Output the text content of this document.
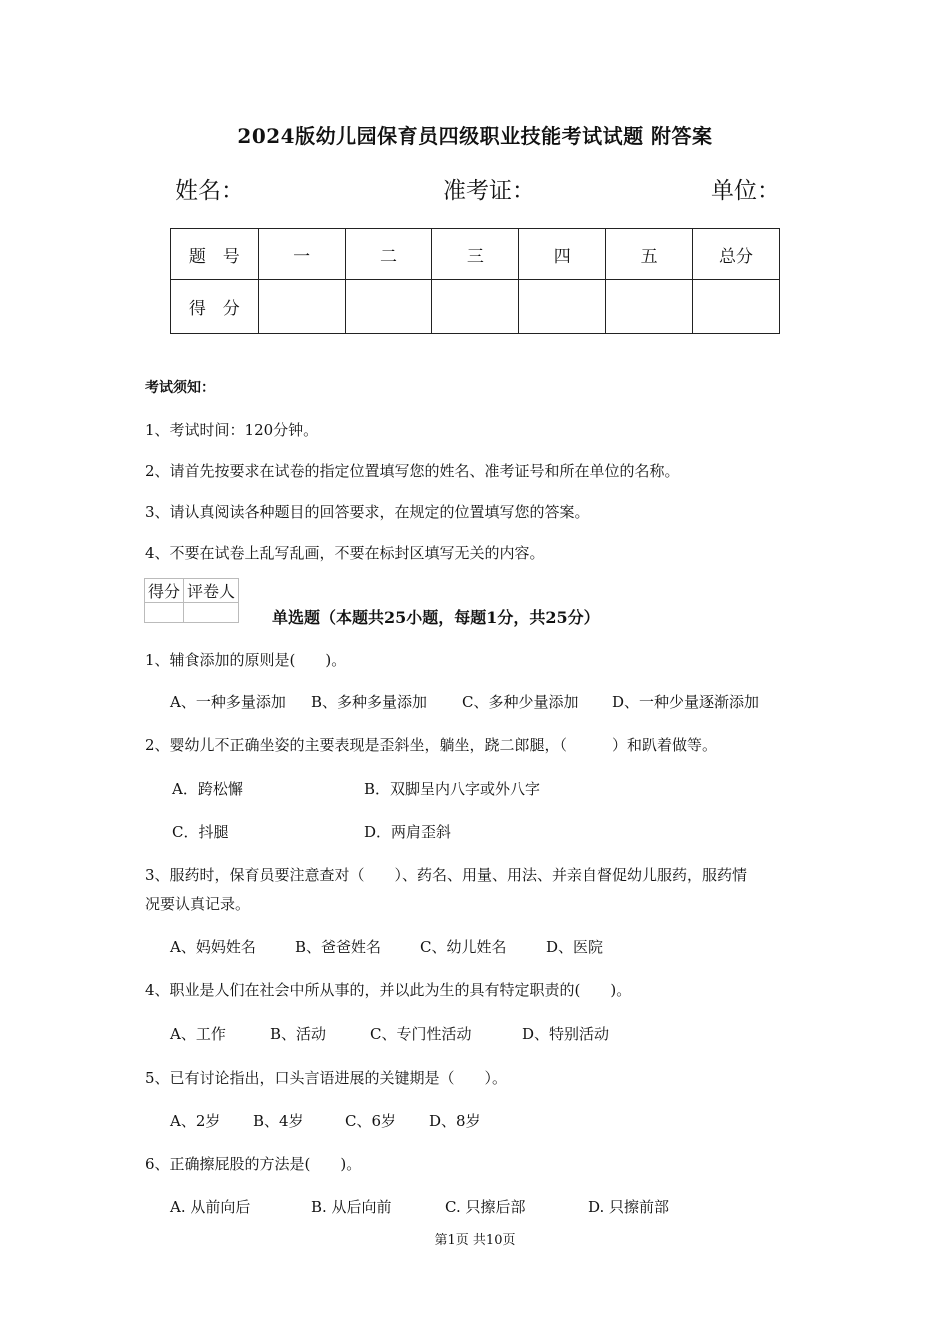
2024版幼儿园保育员四级职业技能考试试题 附答案
姓名：	准考证：	单位：
题　号	一	二	三	四	五	总分
得　分						
考试须知：
1、考试时间：120分钟。
2、请首先按要求在试卷的指定位置填写您的姓名、准考证号和所在单位的名称。
3、请认真阅读各种题目的回答要求，在规定的位置填写您的答案。
4、不要在试卷上乱写乱画，不要在标封区填写无关的内容。
得分	评卷人

单选题（本题共25小题，每题1分，共25分）
1、辅食添加的原则是(　　)。
A、一种多量添加 B、多种多量添加 C、多种少量添加 D、一种少量逐渐添加
2、婴幼儿不正确坐姿的主要表现是歪斜坐，躺坐，跷二郎腿，（　　　）和趴着做等。
A．跨松懈	B．双脚呈内八字或外八字
C．抖腿	D．两肩歪斜
3、服药时，保育员要注意查对（　　）、药名、用量、用法、并亲自督促幼儿服药，服药情
况要认真记录。
A、妈妈姓名	B、爸爸姓名	C、幼儿姓名	D、医院
4、职业是人们在社会中所从事的，并以此为生的具有特定职责的(　　)。
A、工作	B、活动	C、专门性活动	D、特别活动
5、已有讨论指出，口头言语进展的关键期是（　　）。
A、2岁 B、4岁	C、6岁 D、8岁
6、正确擦屁股的方法是(　　)。
A. 从前向后	B. 从后向前	C. 只擦后部	D. 只擦前部
第1页 共10页
